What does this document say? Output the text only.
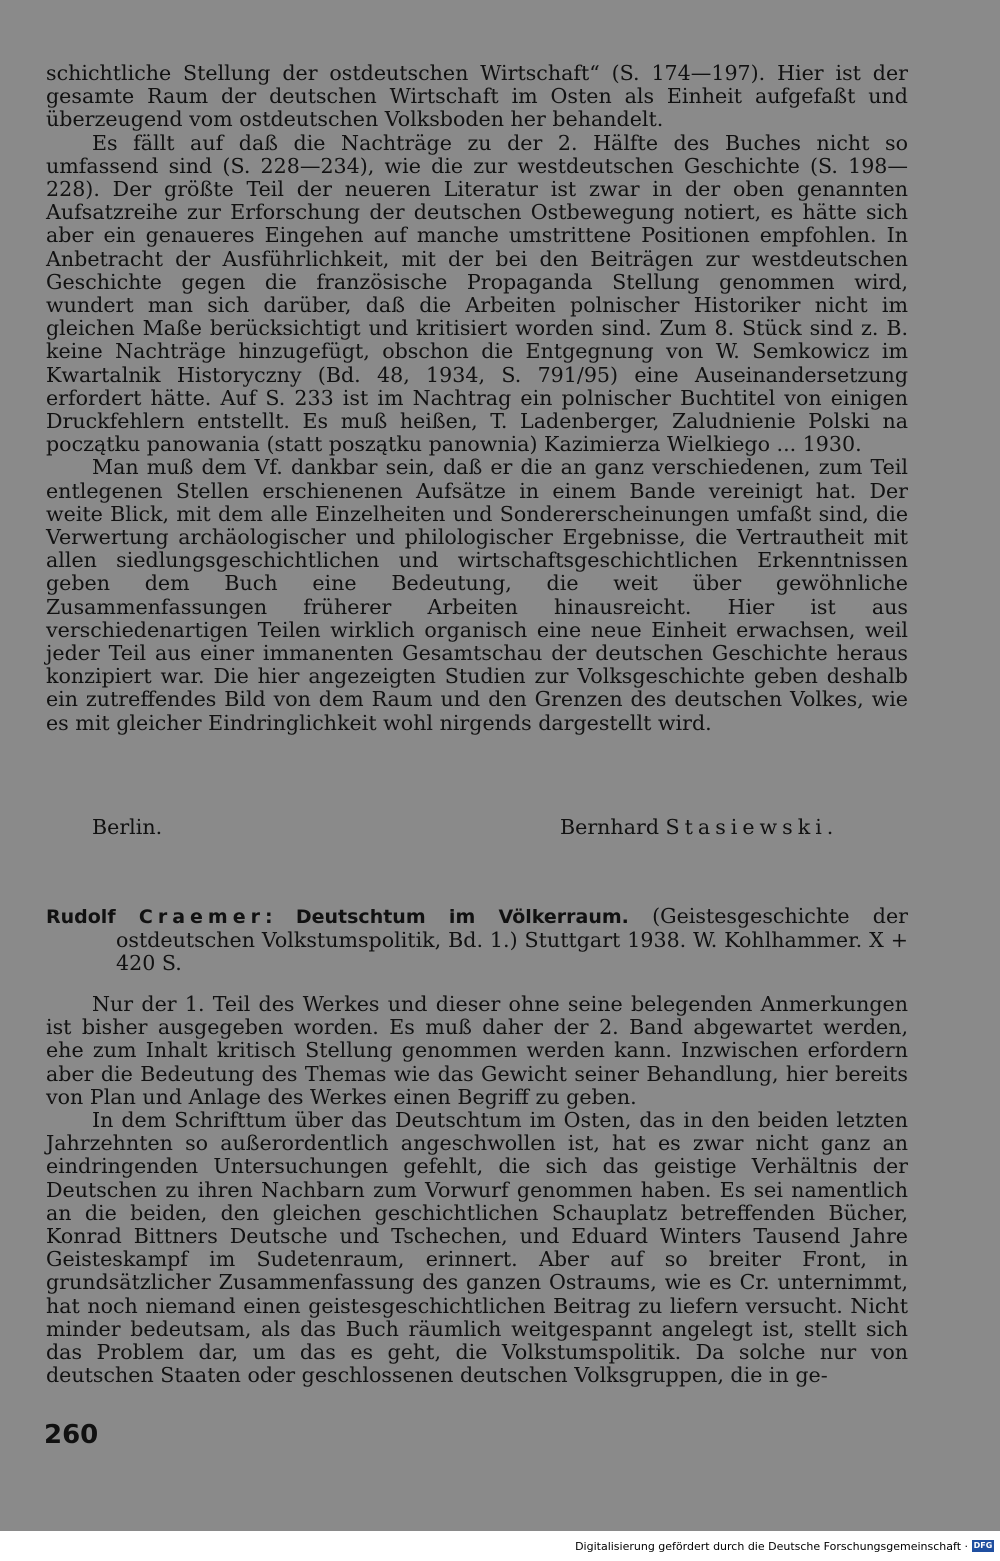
schichtliche Stellung der ostdeutschen Wirtschaft“ (S. 174—197). Hier ist der gesamte Raum der deutschen Wirtschaft im Osten als Einheit aufgefaßt und überzeugend vom ostdeutschen Volksboden her behandelt.

Es fällt auf daß die Nachträge zu der 2. Hälfte des Buches nicht so umfassend sind (S. 228—234), wie die zur westdeutschen Geschichte (S. 198—228). Der größte Teil der neueren Literatur ist zwar in der oben genannten Aufsatzreihe zur Erforschung der deutschen Ostbewegung notiert, es hätte sich aber ein genaueres Eingehen auf manche umstrittene Positionen empfohlen. In Anbetracht der Ausführlichkeit, mit der bei den Beiträgen zur westdeutschen Geschichte gegen die französische Propaganda Stellung genommen wird, wundert man sich darüber, daß die Arbeiten polnischer Historiker nicht im gleichen Maße berücksichtigt und kritisiert worden sind. Zum 8. Stück sind z. B. keine Nachträge hinzugefügt, obschon die Entgegnung von W. Semkowicz im Kwartalnik Historyczny (Bd. 48, 1934, S. 791/95) eine Auseinandersetzung erfordert hätte. Auf S. 233 ist im Nachtrag ein polnischer Buchtitel von einigen Druckfehlern entstellt. Es muß heißen, T. Ladenberger, Zaludnienie Polski na początku panowania (statt poszątku panownia) Kazimierza Wielkiego ... 1930.

Man muß dem Vf. dankbar sein, daß er die an ganz verschiedenen, zum Teil entlegenen Stellen erschienenen Aufsätze in einem Bande vereinigt hat. Der weite Blick, mit dem alle Einzelheiten und Sondererscheinungen umfaßt sind, die Verwertung archäologischer und philologischer Ergebnisse, die Vertrautheit mit allen siedlungsgeschichtlichen und wirtschaftsgeschichtlichen Erkenntnissen geben dem Buch eine Bedeutung, die weit über gewöhnliche Zusammenfassungen früherer Arbeiten hinausreicht. Hier ist aus verschiedenartigen Teilen wirklich organisch eine neue Einheit erwachsen, weil jeder Teil aus einer immanenten Gesamtschau der deutschen Geschichte heraus konzipiert war. Die hier angezeigten Studien zur Volksgeschichte geben deshalb ein zutreffendes Bild von dem Raum und den Grenzen des deutschen Volkes, wie es mit gleicher Eindringlichkeit wohl nirgends dargestellt wird.

Berlin.	Bernhard Stasiewski.

Rudolf Craemer: Deutschtum im Völkerraum. (Geistesgeschichte der ostdeutschen Volkstumspolitik, Bd. 1.) Stuttgart 1938. W. Kohlhammer. X + 420 S.

Nur der 1. Teil des Werkes und dieser ohne seine belegenden Anmerkungen ist bisher ausgegeben worden. Es muß daher der 2. Band abgewartet werden, ehe zum Inhalt kritisch Stellung genommen werden kann. Inzwischen erfordern aber die Bedeutung des Themas wie das Gewicht seiner Behandlung, hier bereits von Plan und Anlage des Werkes einen Begriff zu geben.

In dem Schrifttum über das Deutschtum im Osten, das in den beiden letzten Jahrzehnten so außerordentlich angeschwollen ist, hat es zwar nicht ganz an eindringenden Untersuchungen gefehlt, die sich das geistige Verhältnis der Deutschen zu ihren Nachbarn zum Vorwurf genommen haben. Es sei namentlich an die beiden, den gleichen geschichtlichen Schauplatz betreffenden Bücher, Konrad Bittners Deutsche und Tschechen, und Eduard Winters Tausend Jahre Geisteskampf im Sudetenraum, erinnert. Aber auf so breiter Front, in grundsätzlicher Zusammenfassung des ganzen Ostraums, wie es Cr. unternimmt, hat noch niemand einen geistesgeschichtlichen Beitrag zu liefern versucht. Nicht minder bedeutsam, als das Buch räumlich weitgespannt angelegt ist, stellt sich das Problem dar, um das es geht, die Volkstumspolitik. Da solche nur von deutschen Staaten oder geschlossenen deutschen Volksgruppen, die in ge-

260
Digitalisierung gefördert durch die Deutsche Forschungsgemeinschaft · DFG
